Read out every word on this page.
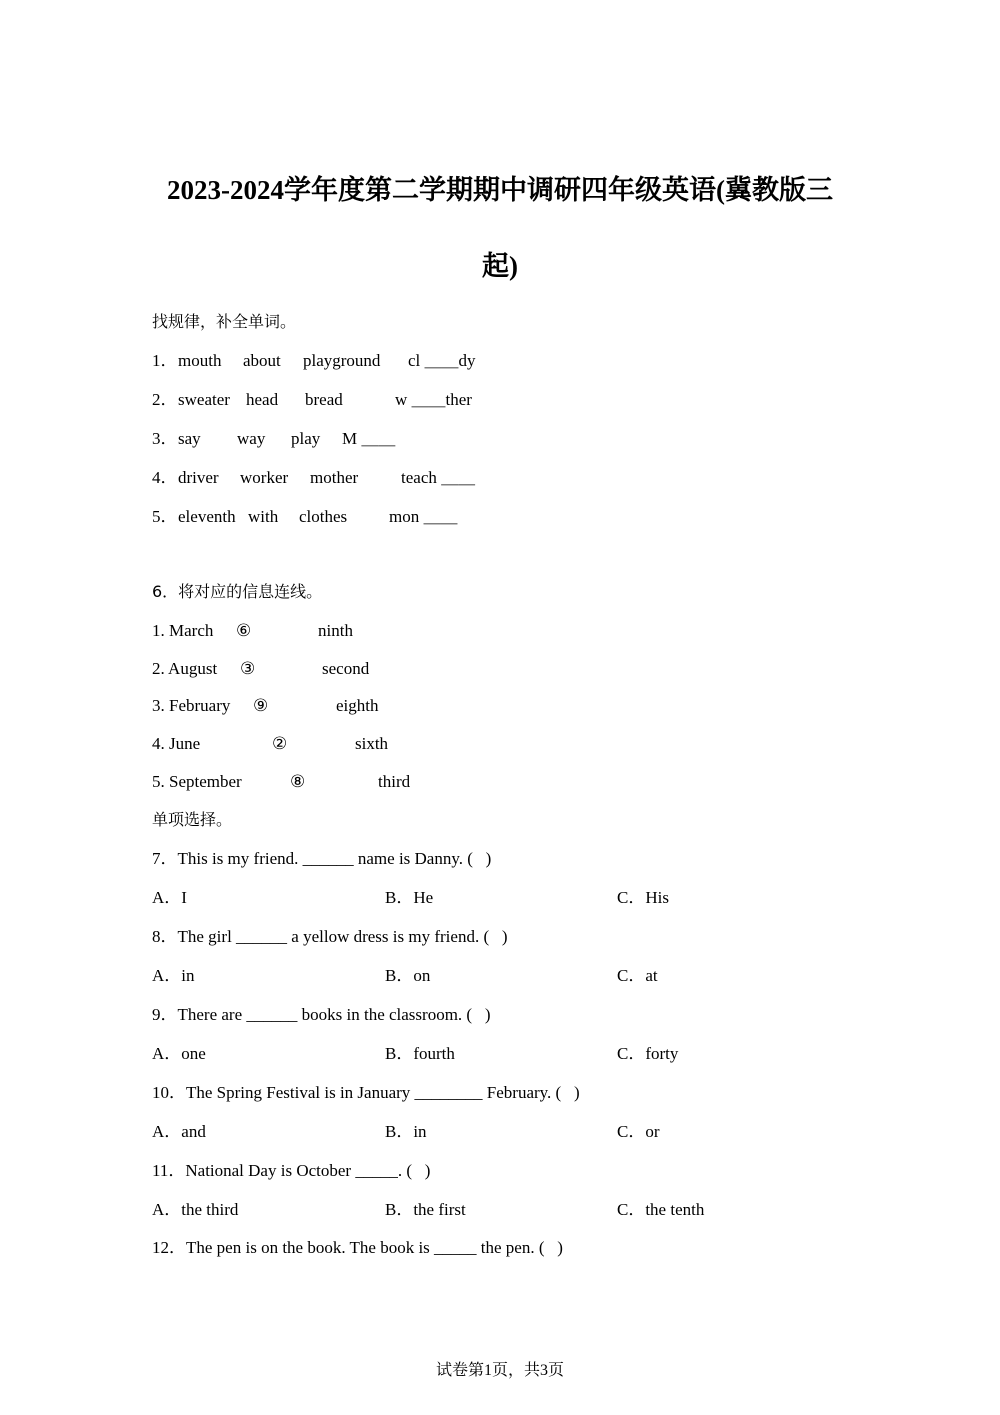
2023-2024学年度第二学期期中调研四年级英语(冀教版三
起)
找规律，补全单词。
1． mouth about playground cl ＿＿dy
2． sweater head bread	w ＿＿ther
3． say way play M ＿＿
4． driver worker mother	teach ＿＿
5． eleventh with clothes mon ＿＿
6．将对应的信息连线。
1. March ⑥	ninth
2. August ③	second
3. February ⑨	eighth
4. June	②	sixth
5. September	⑧	third
单项选择。
7．This is my friend. ______ name is Danny. (   )
A．I	B．He	C．His
8．The girl ______ a yellow dress is my friend. (   )
A．in	B．on	C．at
9．There are ______ books in the classroom. (   )
A．one	B．fourth	C．forty
10．The Spring Festival is in January ________ February. (   )
A．and	B．in	C．or
11．National Day is October _____. (   )
A．the third	B．the first	C．the tenth
12．The pen is on the book. The book is _____ the pen. (   )
试卷第1页，共3页
